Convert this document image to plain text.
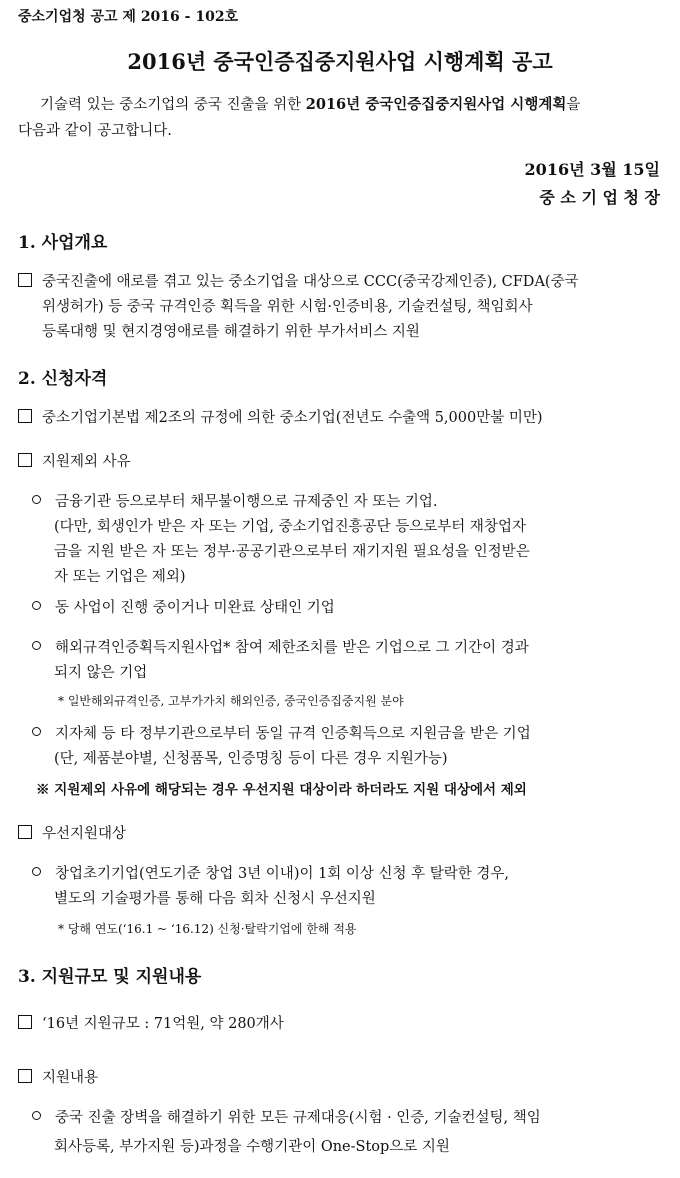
중소기업청 공고 제 2016 - 102호
2016년 중국인증집중지원사업 시행계획 공고
기술력 있는 중소기업의 중국 진출을 위한 2016년 중국인증집중지원사업 시행계획을
다음과 같이 공고합니다.
2016년 3월 15일
중 소 기 업 청 장
1. 사업개요
중국진출에 애로를 겪고 있는 중소기업을 대상으로 CCC(중국강제인증), CFDA(중국
위생허가) 등 중국 규격인증 획득을 위한 시험·인증비용, 기술컨설팅, 책임회사
등록대행 및 현지경영애로를 해결하기 위한 부가서비스 지원
2. 신청자격
중소기업기본법 제2조의 규정에 의한 중소기업(전년도 수출액 5,000만불 미만)
지원제외 사유
금융기관 등으로부터 채무불이행으로 규제중인 자 또는 기업.
(다만, 회생인가 받은 자 또는 기업, 중소기업진흥공단 등으로부터 재창업자
금을 지원 받은 자 또는 정부·공공기관으로부터 재기지원 필요성을 인정받은
자 또는 기업은 제외)
동 사업이 진행 중이거나 미완료 상태인 기업
해외규격인증획득지원사업* 참여 제한조치를 받은 기업으로 그 기간이 경과
되지 않은 기업
* 일반해외규격인증, 고부가가치 해외인증, 중국인증집중지원 분야
지자체 등 타 정부기관으로부터 동일 규격 인증획득으로 지원금을 받은 기업
(단, 제품분야별, 신청품목, 인증명칭 등이 다른 경우 지원가능)
※ 지원제외 사유에 해당되는 경우 우선지원 대상이라 하더라도 지원 대상에서 제외
우선지원대상
창업초기기업(연도기준 창업 3년 이내)이 1회 이상 신청 후 탈락한 경우,
별도의 기술평가를 통해 다음 회차 신청시 우선지원
* 당해 연도(‘16.1 ~ ‘16.12) 신청·탈락기업에 한해 적용
3. 지원규모 및 지원내용
‘16년 지원규모 : 71억원, 약 280개사
지원내용
중국 진출 장벽을 해결하기 위한 모든 규제대응(시험 · 인증, 기술컨설팅, 책임
회사등록, 부가지원 등)과정을 수행기관이 One-Stop으로 지원
